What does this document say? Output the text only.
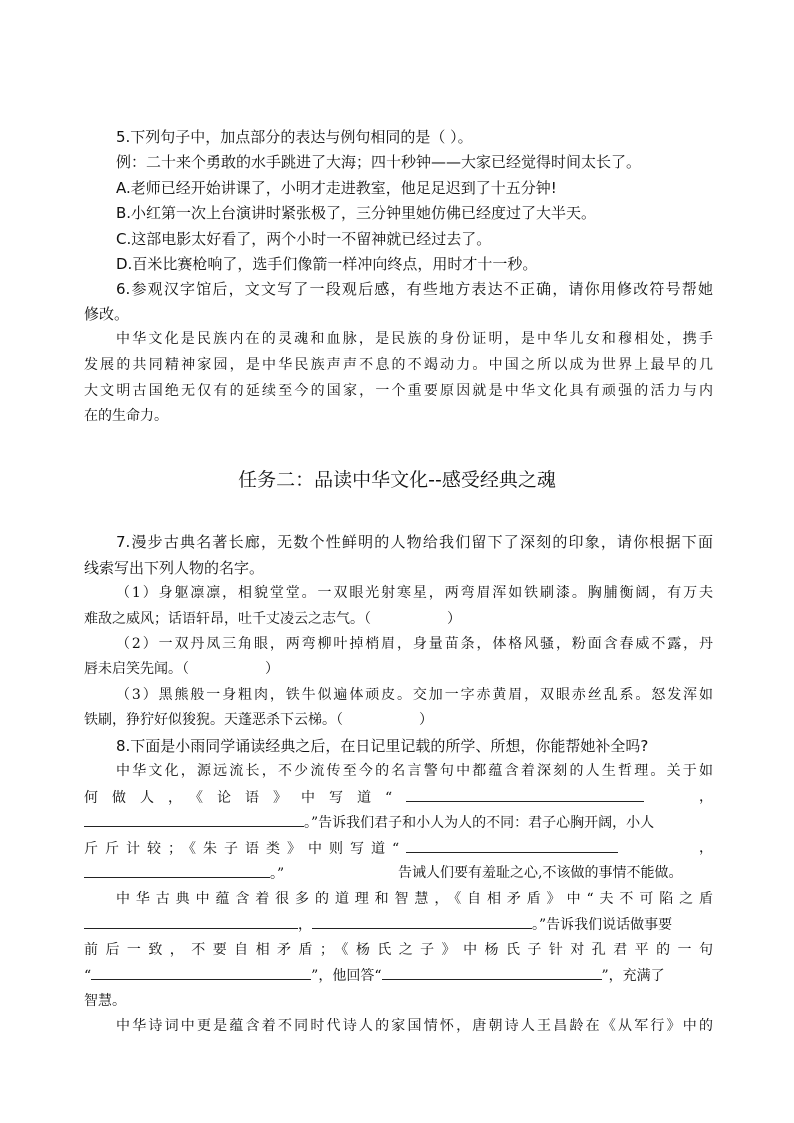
5.下列句子中，加点部分的表达与例句相同的是（ ）。
例：二十来个勇敢的水手跳进了大海；四十秒钟——大家已经觉得时间太长了。
A.老师已经开始讲课了，小明才走进教室，他足足迟到了十五分钟!
B.小红第一次上台演讲时紧张极了，三分钟里她仿佛已经度过了大半天。
C.这部电影太好看了，两个小时一不留神就已经过去了。
D.百米比赛枪响了，选手们像箭一样冲向终点，用时才十一秒。
6.参观汉字馆后，文文写了一段观后感，有些地方表达不正确，请你用修改符号帮她
修改。
中华文化是民族内在的灵魂和血脉，是民族的身份证明，是中华儿女和穆相处，携手
发展的共同精神家园，是中华民族声声不息的不竭动力。中国之所以成为世界上最早的几
大文明古国绝无仅有的延续至今的国家，一个重要原因就是中华文化具有顽强的活力与内
在的生命力。
任务二：品读中华文化--感受经典之魂
7.漫步古典名著长廊，无数个性鲜明的人物给我们留下了深刻的印象，请你根据下面
线索写出下列人物的名字。
（1）身躯凛凛，相貌堂堂。一双眼光射寒星，两弯眉浑如铁刷漆。胸脯衡阔，有万夫
难敌之威风；话语轩昂，吐千丈凌云之志气。（	）
（2）一双丹凤三角眼，两弯柳叶掉梢眉，身量苗条，体格风骚，粉面含春威不露，丹
唇未启笑先闻。（	）
（3）黑熊般一身粗肉，铁牛似遍体顽皮。交加一字赤黄眉，双眼赤丝乱系。怒发浑如
铁刷，狰狞好似狻猊。天蓬恶杀下云梯。（	）
8.下面是小雨同学诵读经典之后，在日记里记载的所学、所想，你能帮她补全吗?
中华文化，源远流长，不少流传至今的名言警句中都蕴含着深刻的人生哲理。关于如
何做人，《论语》中写道“	，
。”告诉我们君子和小人为人的不同：君子心胸开阔，小人
斤斤计较；《朱子语类》中则写道“	，
。”	告诫人们要有羞耻之心,不该做的事情不能做。
中华古典中蕴含着很多的道理和智慧，《自相矛盾》中“夫不可陷之盾
，	。”告诉我们说话做事要
前后一致，不要自相矛盾；《杨氏之子》中杨氏子针对孔君平的一句
“	”，他回答“	”，充满了
智慧。
中华诗词中更是蕴含着不同时代诗人的家国情怀，唐朝诗人王昌龄在《从军行》中的
